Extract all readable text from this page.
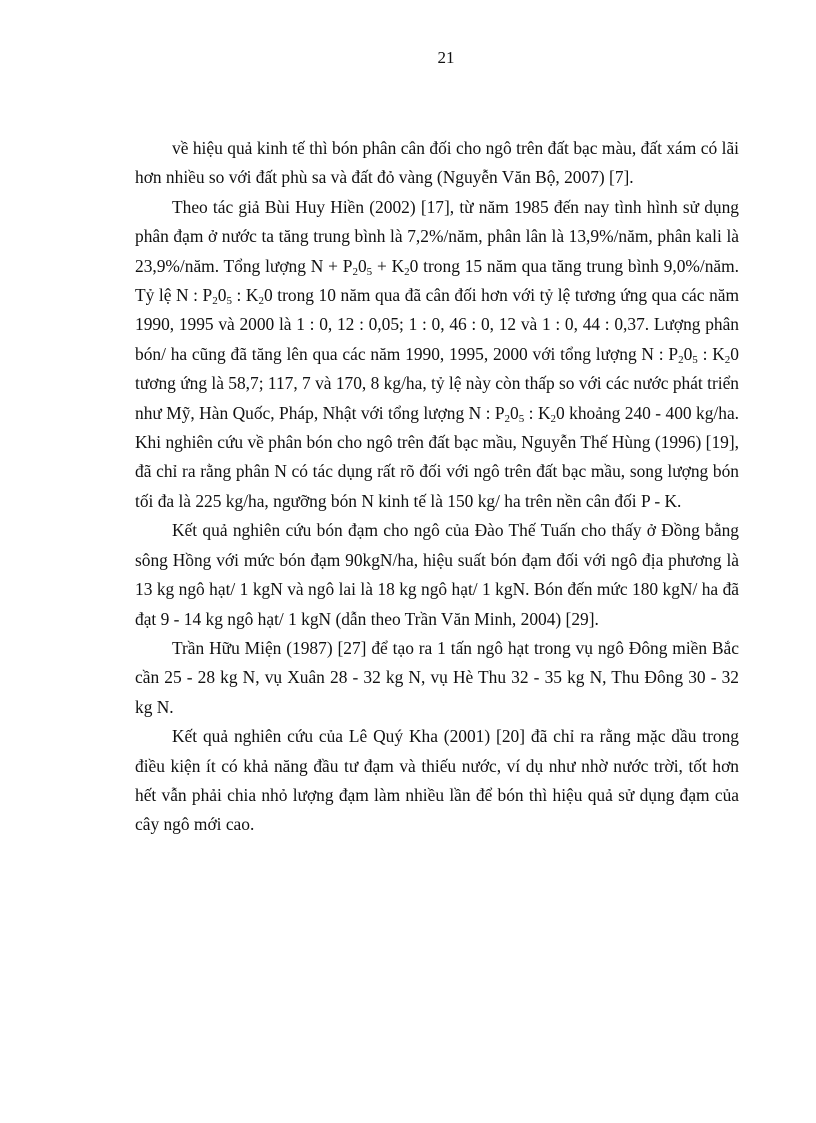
21

về hiệu quả kinh tế thì bón phân cân đối cho ngô trên đất bạc màu, đất xám có lãi hơn nhiều so với đất phù sa và đất đỏ vàng (Nguyễn Văn Bộ, 2007) [7].

Theo tác giả Bùi Huy Hiền (2002) [17], từ năm 1985 đến nay tình hình sử dụng phân đạm ở nước ta tăng trung bình là 7,2%/năm, phân lân là 13,9%/năm, phân kali là 23,9%/năm. Tổng lượng $N + P_20_5 + K_20$ trong 15 năm qua tăng trung bình 9,0%/năm. Tỷ lệ N : $P_20_5$ : $K_20$ trong 10 năm qua đã cân đối hơn với tỷ lệ tương ứng qua các năm 1990, 1995 và 2000 là 1 : 0, 12 : 0,05; 1 : 0, 46 : 0, 12 và 1 : 0, 44 : 0,37. Lượng phân bón/ ha cũng đã tăng lên qua các năm 1990, 1995, 2000 với tổng lượng N : $P_20_5$ : $K_20$ tương ứng là 58,7; 117, 7 và 170, 8 kg/ha, tỷ lệ này còn thấp so với các nước phát triển như Mỹ, Hàn Quốc, Pháp, Nhật với tổng lượng N : $P_20_5$ : $K_20$ khoảng 240 - 400 kg/ha. Khi nghiên cứu về phân bón cho ngô trên đất bạc mầu, Nguyễn Thế Hùng (1996) [19], đã chỉ ra rằng phân N có tác dụng rất rõ đối với ngô trên đất bạc mầu, song lượng bón tối đa là 225 kg/ha, ngưỡng bón N kinh tế là 150 kg/ ha trên nền cân đối P - K.

Kết quả nghiên cứu bón đạm cho ngô của Đào Thế Tuấn cho thấy ở Đồng bằng sông Hồng với mức bón đạm 90kgN/ha, hiệu suất bón đạm đối với ngô địa phương là 13 kg ngô hạt/ 1 kgN và ngô lai là 18 kg ngô hạt/ 1 kgN. Bón đến mức 180 kgN/ ha đã đạt 9 - 14 kg ngô hạt/ 1 kgN (dẫn theo Trần Văn Minh, 2004) [29].

Trần Hữu Miện (1987) [27] để tạo ra 1 tấn ngô hạt trong vụ ngô Đông miền Bắc cần 25 - 28 kg N, vụ Xuân 28 - 32 kg N, vụ Hè Thu 32 - 35 kg N, Thu Đông 30 - 32 kg N.

Kết quả nghiên cứu của Lê Quý Kha (2001) [20] đã chỉ ra rằng mặc dầu trong điều kiện ít có khả năng đầu tư đạm và thiếu nước, ví dụ như nhờ nước trời, tốt hơn hết vẫn phải chia nhỏ lượng đạm làm nhiều lần để bón thì hiệu quả sử dụng đạm của cây ngô mới cao.
